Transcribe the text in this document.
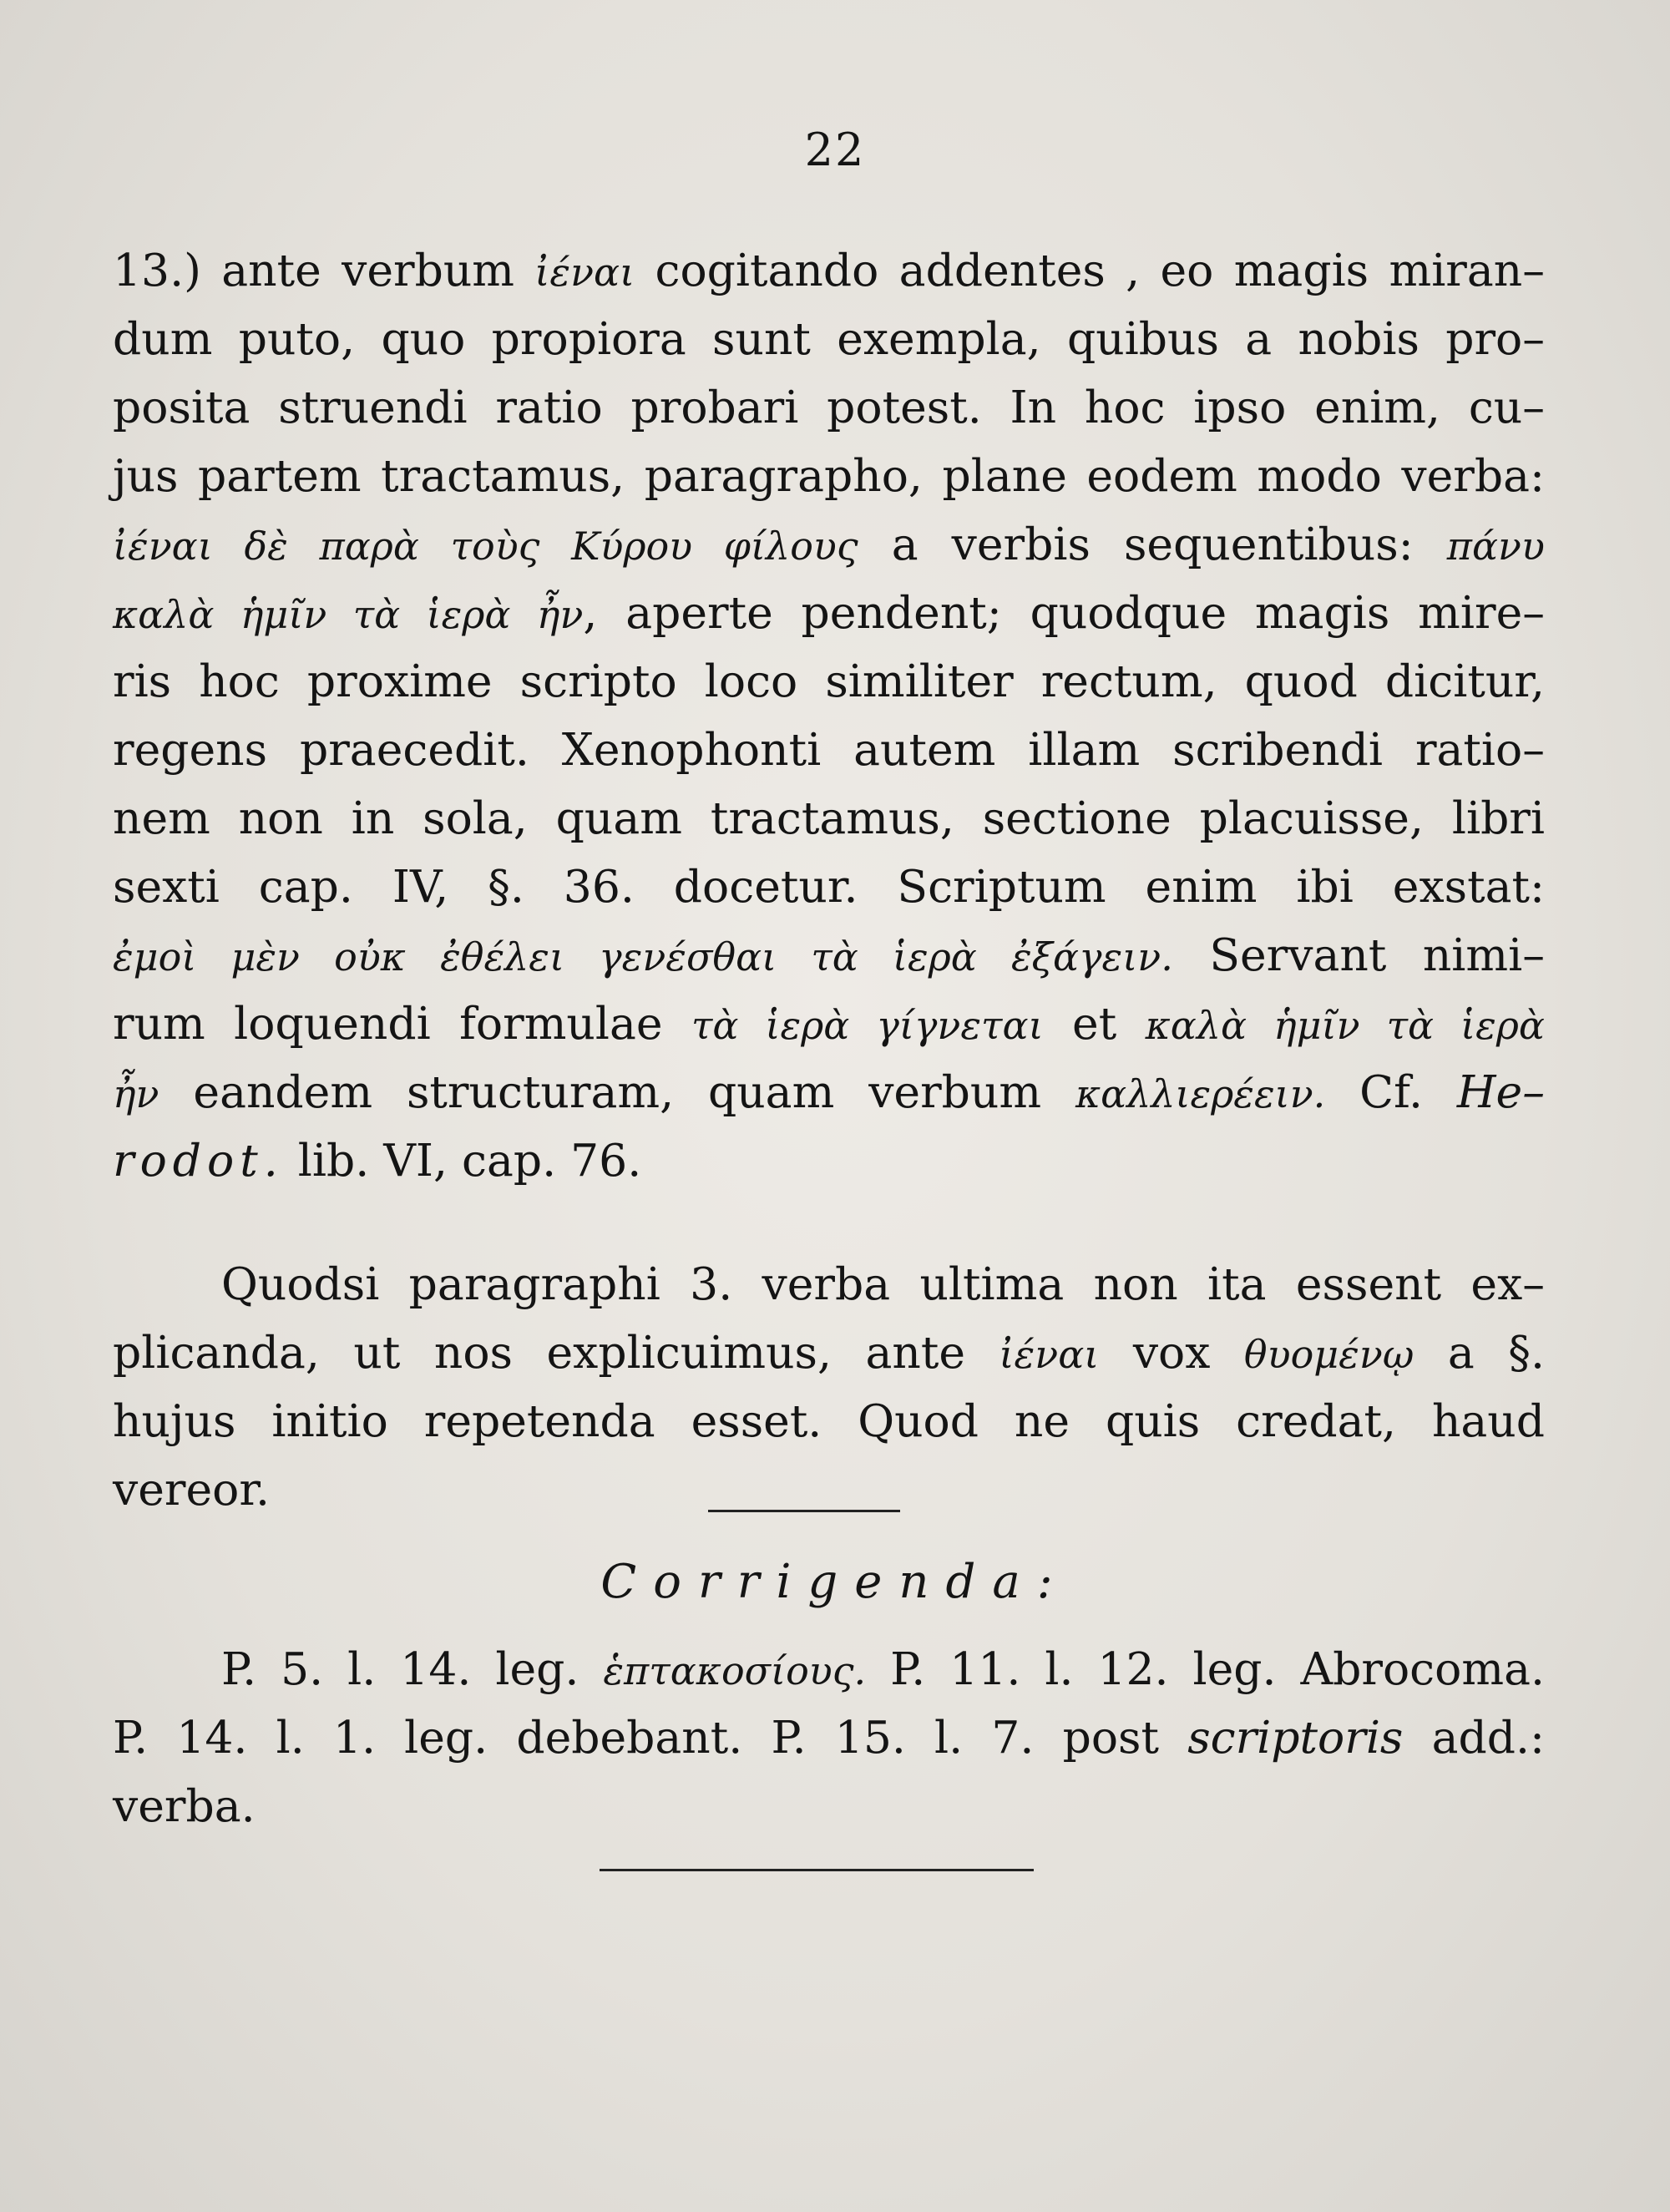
22
13.) ante verbum ἰέναι cogitando addentes , eo magis miran–
dum puto, quo propiora sunt exempla, quibus a nobis pro–
posita struendi ratio probari potest. In hoc ipso enim, cu–
jus partem tractamus, paragrapho, plane eodem modo verba:
ἰέναι δὲ παρὰ τοὺς Κύρου φίλους a verbis sequentibus: πάνυ
καλὰ ἡμῖν τὰ ἱερὰ ἦν, aperte pendent; quodque magis mire–
ris hoc proxime scripto loco similiter rectum, quod dicitur,
regens praecedit. Xenophonti autem illam scribendi ratio–
nem non in sola, quam tractamus, sectione placuisse, libri
sexti cap. IV, §. 36. docetur. Scriptum enim ibi exstat:
ἐμοὶ μὲν οὐκ ἐθέλει γενέσθαι τὰ ἱερὰ ἐξάγειν. Servant nimi–
rum loquendi formulae τὰ ἱερὰ γίγνεται et καλὰ ἡμῖν τὰ ἱερὰ
ἦν eandem structuram, quam verbum καλλιερέειν. Cf. He–
rodot. lib. VI, cap. 76.
Quodsi paragraphi 3. verba ultima non ita essent ex–
plicanda, ut nos explicuimus, ante ἰέναι vox θυομένῳ a §.
hujus initio repetenda esset. Quod ne quis credat, haud
vereor.
Corrigenda:
P. 5. l. 14. leg. ἑπτακοσίους. P. 11. l. 12. leg. Abrocoma.
P. 14. l. 1. leg. debebant. P. 15. l. 7. post scriptoris add.:
verba.
